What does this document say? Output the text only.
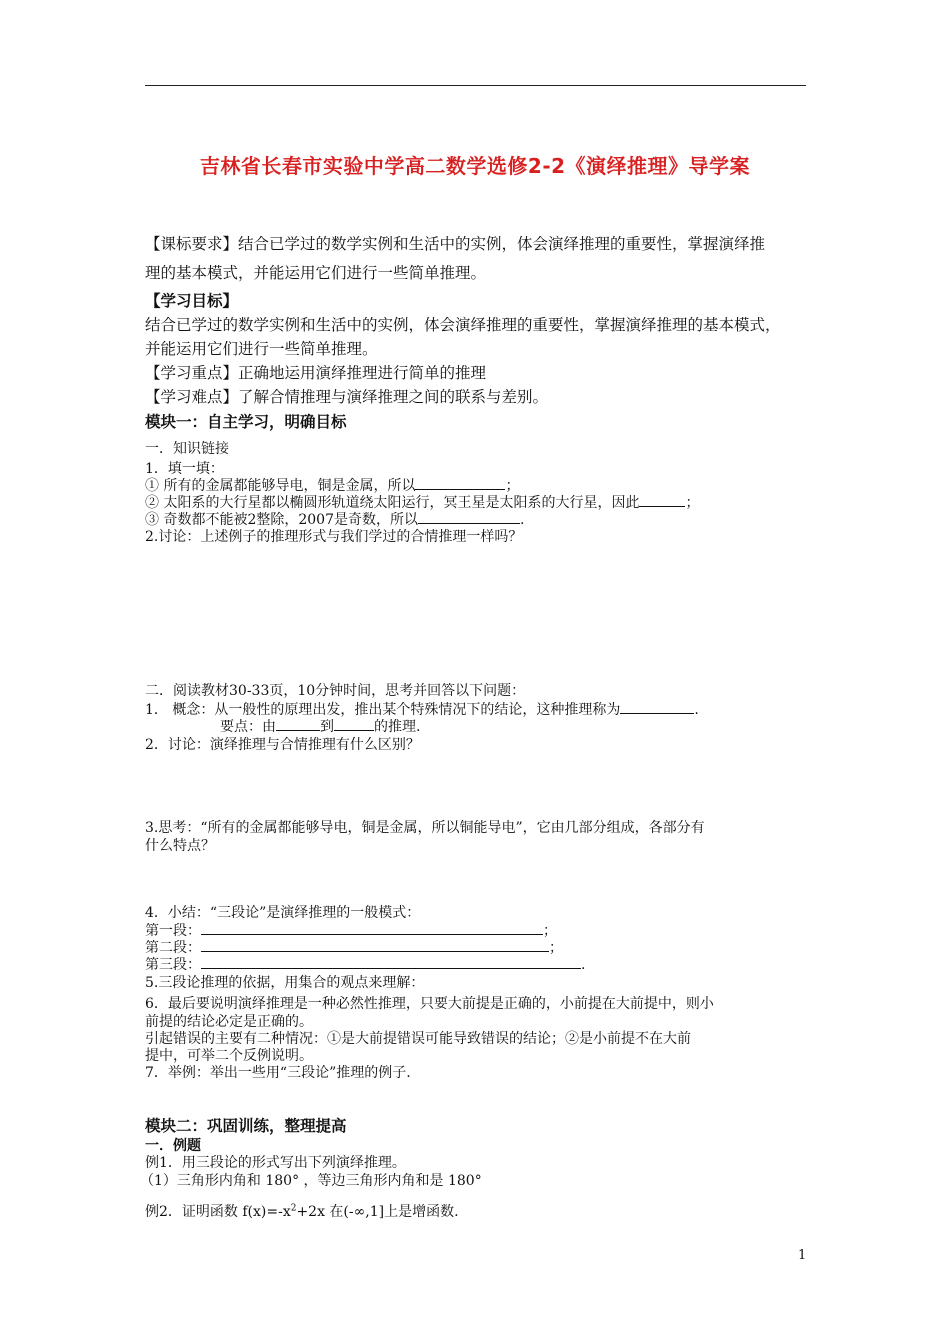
吉林省长春市实验中学高二数学选修2-2《演绎推理》导学案
【课标要求】结合已学过的数学实例和生活中的实例，体会演绎推理的重要性，掌握演绎推
理的基本模式，并能运用它们进行一些简单推理。
【学习目标】
结合已学过的数学实例和生活中的实例，体会演绎推理的重要性，掌握演绎推理的基本模式，
并能运用它们进行一些简单推理。
【学习重点】正确地运用演绎推理进行简单的推理
【学习难点】了解合情推理与演绎推理之间的联系与差别。
模块一：自主学习，明确目标
一．知识链接
1．填一填：
① 所有的金属都能够导电，铜是金属，所以	；
② 太阳系的大行星都以椭圆形轨道绕太阳运行，冥王星是太阳系的大行星，因此	；
③ 奇数都不能被2整除，2007是奇数，所以	.
2.讨论：上述例子的推理形式与我们学过的合情推理一样吗？
二．阅读教材30-33页，10分钟时间，思考并回答以下问题：
1． 概念：从一般性的原理出发，推出某个特殊情况下的结论，这种推理称为	.
要点：由	到	的推理.
2．讨论：演绎推理与合情推理有什么区别？
3.思考：“所有的金属都能够导电，铜是金属，所以铜能导电”，它由几部分组成，各部分有
什么特点？
4．小结：“三段论”是演绎推理的一般模式：
第一段：	；
第二段：	；
第三段：	.
5.三段论推理的依据，用集合的观点来理解：
6．最后要说明演绎推理是一种必然性推理，只要大前提是正确的，小前提在大前提中，则小
前提的结论必定是正确的。
引起错误的主要有二种情况：①是大前提错误可能导致错误的结论；②是小前提不在大前
提中，可举二个反例说明。
7．举例：举出一些用“三段论”推理的例子.
模块二：巩固训练，整理提高
一．例题
例1．用三段论的形式写出下列演绎推理。
（1）三角形内角和 180° ，等边三角形内角和是 180°
例2．证明函数 $f(x)=-x^2+2x$ 在(-∞,1]上是增函数.
1
